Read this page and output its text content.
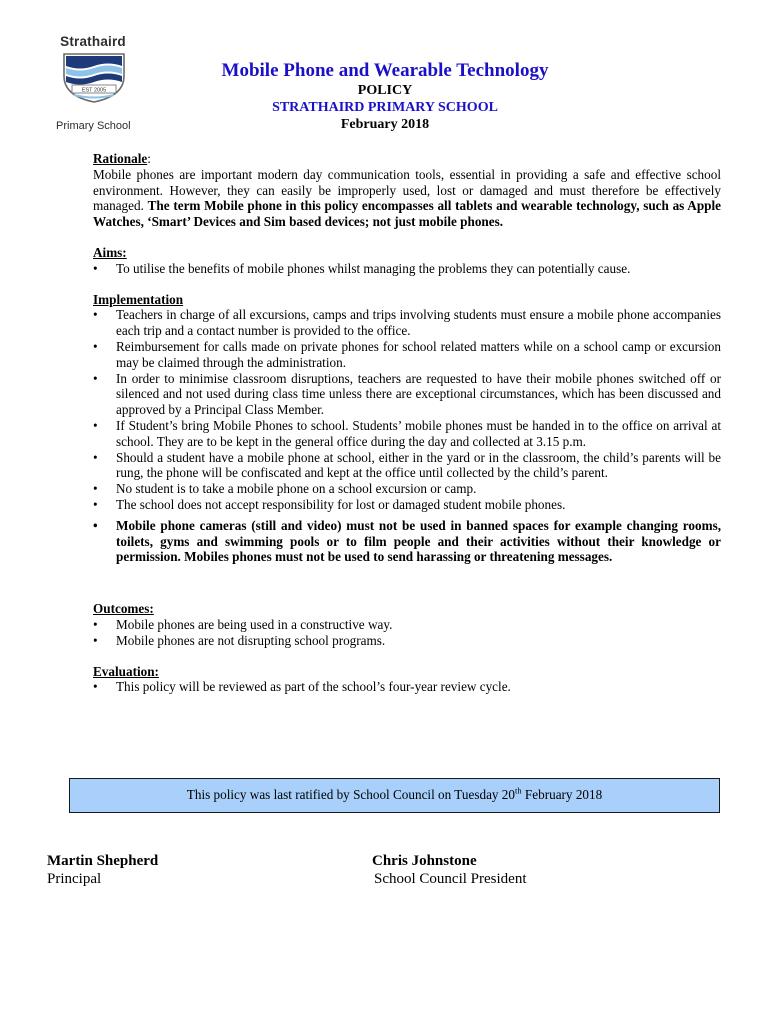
Strathaird
EST 2005
Primary School
Mobile Phone and Wearable Technology
POLICY
STRATHAIRD PRIMARY SCHOOL
February 2018
Rationale:

Mobile phones are important modern day communication tools, essential in providing a safe and effective school environment. However, they can easily be improperly used, lost or damaged and must therefore be effectively managed. The term Mobile phone in this policy encompasses all tablets and wearable technology, such as Apple Watches, ‘Smart’ Devices and Sim based devices; not just mobile phones.

Aims:
• To utilise the benefits of mobile phones whilst managing the problems they can potentially cause.
Implementation
• Teachers in charge of all excursions, camps and trips involving students must ensure a mobile phone accompanies each trip and a contact number is provided to the office.
• Reimbursement for calls made on private phones for school related matters while on a school camp or excursion may be claimed through the administration.
• In order to minimise classroom disruptions, teachers are requested to have their mobile phones switched off or silenced and not used during class time unless there are exceptional circumstances, which has been discussed and approved by a Principal Class Member.
• If Student’s bring Mobile Phones to school. Students’ mobile phones must be handed in to the office on arrival at school. They are to be kept in the general office during the day and collected at 3.15 p.m.
• Should a student have a mobile phone at school, either in the yard or in the classroom, the child’s parents will be rung, the phone will be confiscated and kept at the office until collected by the child’s parent.
• No student is to take a mobile phone on a school excursion or camp.
• The school does not accept responsibility for lost or damaged student mobile phones.
• Mobile phone cameras (still and video) must not be used in banned spaces for example changing rooms, toilets, gyms and swimming pools or to film people and their activities without their knowledge or permission. Mobiles phones must not be used to send harassing or threatening messages.
Outcomes:
• Mobile phones are being used in a constructive way.
• Mobile phones are not disrupting school programs.
Evaluation:
• This policy will be reviewed as part of the school’s four-year review cycle.
This policy was last ratified by School Council on Tuesday 20th February 2018
Martin Shepherd
Principal
Chris Johnstone
School Council President
